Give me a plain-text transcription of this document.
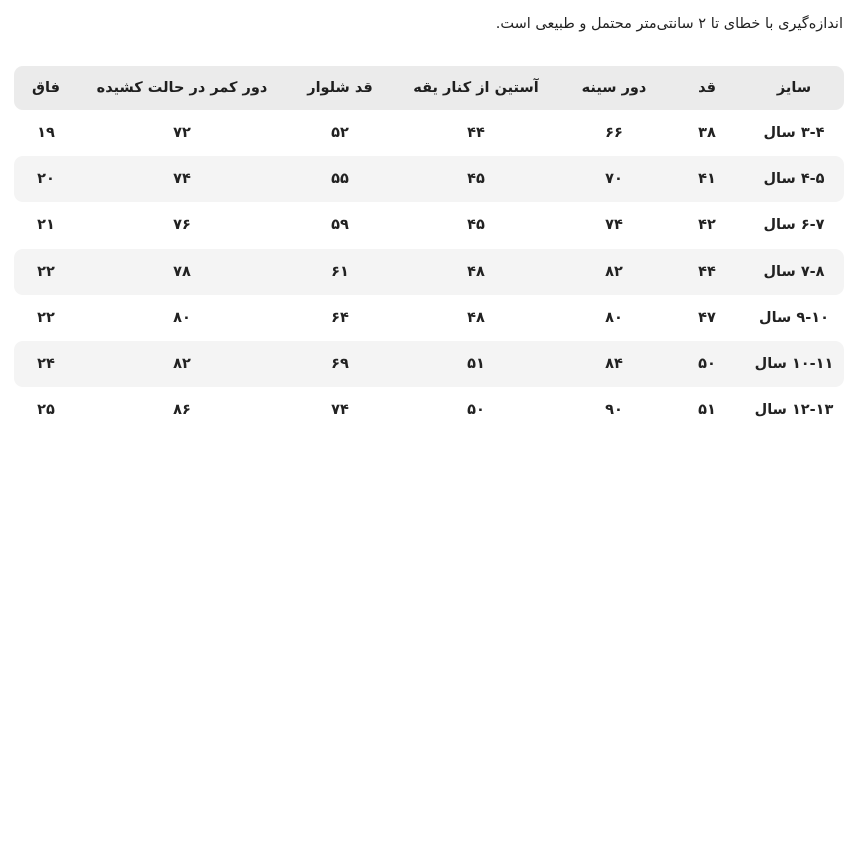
اندازه‌گیری با خطای تا ۲ سانتی‌متر محتمل و طبیعی است.
سایز	قد	دور سینه	آستین از کنار یقه	قد شلوار	دور کمر در حالت کشیده	فاق
۳-۴ سال	۳۸	۶۶	۴۴	۵۲	۷۲	۱۹
۴-۵ سال	۴۱	۷۰	۴۵	۵۵	۷۴	۲۰
۶-۷ سال	۴۲	۷۴	۴۵	۵۹	۷۶	۲۱
۷-۸ سال	۴۴	۸۲	۴۸	۶۱	۷۸	۲۲
۹-۱۰ سال	۴۷	۸۰	۴۸	۶۴	۸۰	۲۲
۱۰-۱۱ سال	۵۰	۸۴	۵۱	۶۹	۸۲	۲۴
۱۲-۱۳ سال	۵۱	۹۰	۵۰	۷۴	۸۶	۲۵
